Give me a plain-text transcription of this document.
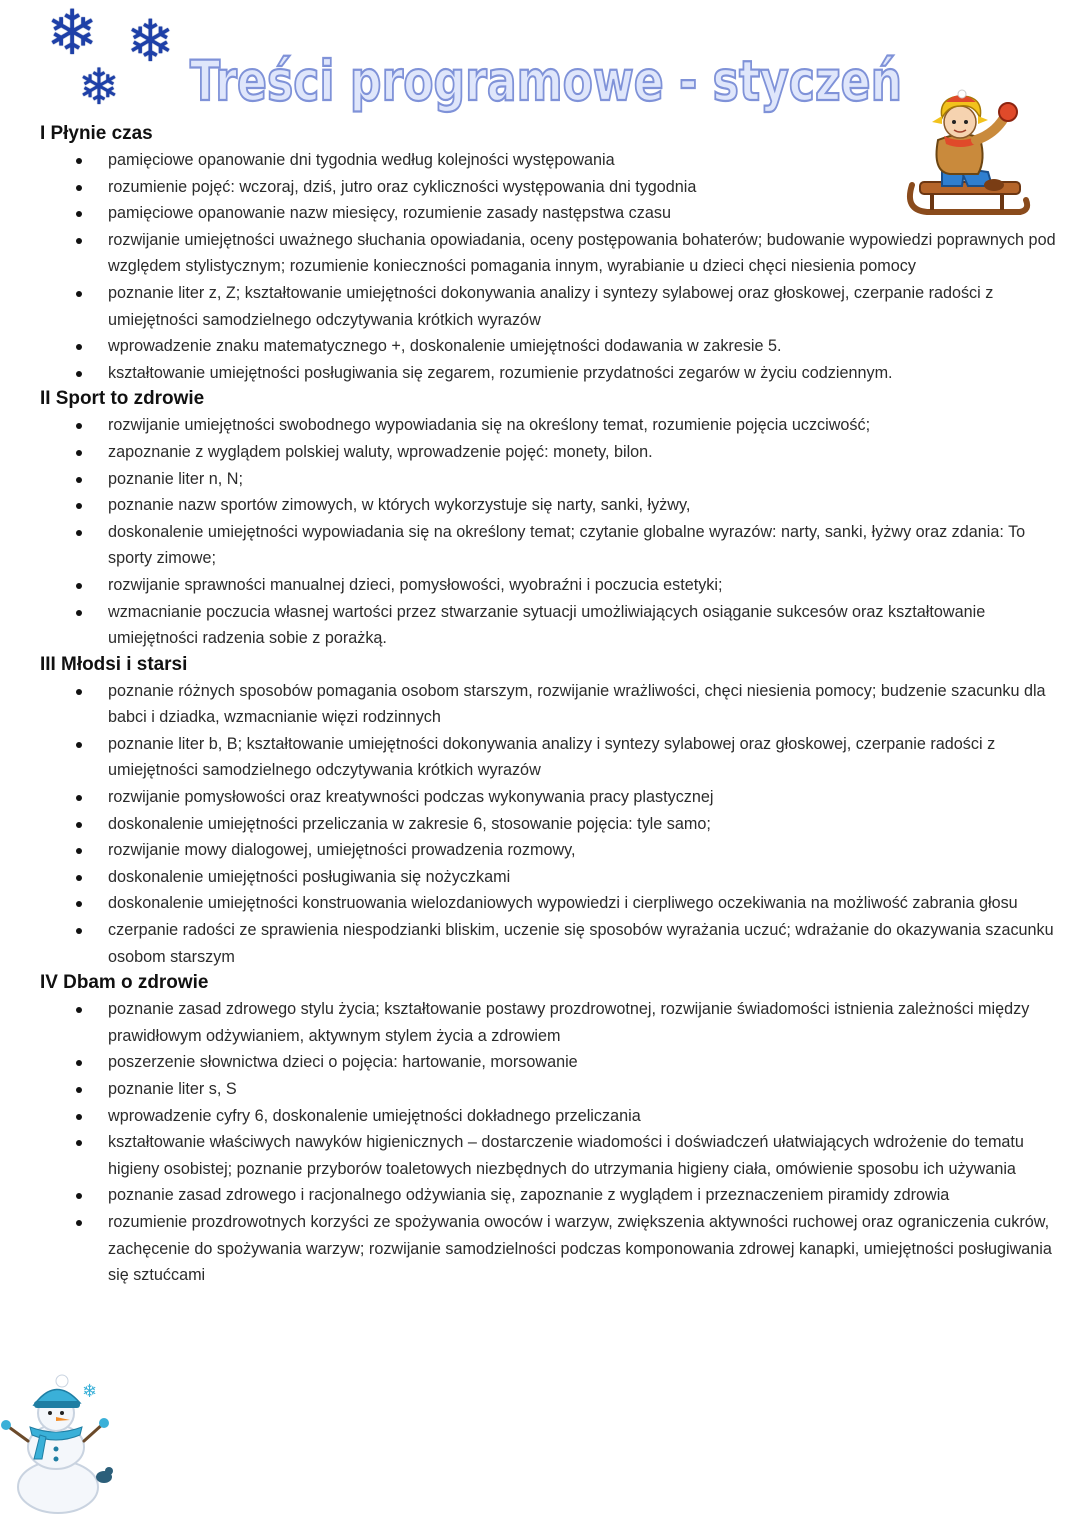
❄ ❄
❄ Treści programowe - styczeń
I Płynie czas
pamięciowe opanowanie dni tygodnia według kolejności występowania
rozumienie pojęć: wczoraj, dziś, jutro oraz cykliczności występowania dni tygodnia
pamięciowe opanowanie nazw miesięcy, rozumienie zasady następstwa czasu
rozwijanie umiejętności uważnego słuchania opowiadania, oceny postępowania bohaterów; budowanie wypowiedzi poprawnych pod względem stylistycznym; rozumienie konieczności pomagania innym, wyrabianie u dzieci chęci niesienia pomocy
poznanie liter z, Z; kształtowanie umiejętności dokonywania analizy i syntezy sylabowej oraz głoskowej, czerpanie radości z umiejętności samodzielnego odczytywania krótkich wyrazów
wprowadzenie znaku matematycznego +, doskonalenie umiejętności dodawania w zakresie 5.
kształtowanie umiejętności posługiwania się zegarem, rozumienie przydatności zegarów w życiu codziennym.
II Sport to zdrowie
rozwijanie umiejętności swobodnego wypowiadania się na określony temat, rozumienie pojęcia uczciwość;
zapoznanie z wyglądem polskiej waluty, wprowadzenie pojęć: monety, bilon.
poznanie liter n, N;
poznanie nazw sportów zimowych, w których wykorzystuje się narty, sanki, łyżwy,
doskonalenie umiejętności wypowiadania się na określony temat; czytanie globalne wyrazów: narty, sanki, łyżwy oraz zdania: To sporty zimowe;
rozwijanie sprawności manualnej dzieci, pomysłowości, wyobraźni i poczucia estetyki;
wzmacnianie poczucia własnej wartości przez stwarzanie sytuacji umożliwiających osiąganie sukcesów oraz kształtowanie umiejętności radzenia sobie z porażką.
III Młodsi i starsi
poznanie różnych sposobów pomagania osobom starszym, rozwijanie wrażliwości, chęci niesienia pomocy; budzenie szacunku dla babci i dziadka, wzmacnianie więzi rodzinnych
poznanie liter b, B; kształtowanie umiejętności dokonywania analizy i syntezy sylabowej oraz głoskowej, czerpanie radości z umiejętności samodzielnego odczytywania krótkich wyrazów
rozwijanie pomysłowości oraz kreatywności podczas wykonywania pracy plastycznej
doskonalenie umiejętności przeliczania w zakresie 6, stosowanie pojęcia: tyle samo;
rozwijanie mowy dialogowej, umiejętności prowadzenia rozmowy,
doskonalenie umiejętności posługiwania się nożyczkami
doskonalenie umiejętności konstruowania wielozdaniowych wypowiedzi i cierpliwego oczekiwania na możliwość zabrania głosu
czerpanie radości ze sprawienia niespodzianki bliskim, uczenie się sposobów wyrażania uczuć; wdrażanie do okazywania szacunku osobom starszym
IV Dbam o zdrowie
poznanie zasad zdrowego stylu życia; kształtowanie postawy prozdrowotnej, rozwijanie świadomości istnienia zależności między prawidłowym odżywianiem, aktywnym stylem życia a zdrowiem
poszerzenie słownictwa dzieci o pojęcia: hartowanie, morsowanie
poznanie liter s, S
wprowadzenie cyfry 6, doskonalenie umiejętności dokładnego przeliczania
kształtowanie właściwych nawyków higienicznych – dostarczenie wiadomości i doświadczeń ułatwiających wdrożenie do tematu higieny osobistej; poznanie przyborów toaletowych niezbędnych do utrzymania higieny ciała, omówienie sposobu ich używania
poznanie zasad zdrowego i racjonalnego odżywiania się, zapoznanie z wyglądem i przeznaczeniem piramidy zdrowia
rozumienie prozdrowotnych korzyści ze spożywania owoców i warzyw, zwiększenia aktywności ruchowej oraz ograniczenia cukrów, zachęcenie do spożywania warzyw; rozwijanie samodzielności podczas komponowania zdrowej kanapki, umiejętności posługiwania się sztućcami
❄
